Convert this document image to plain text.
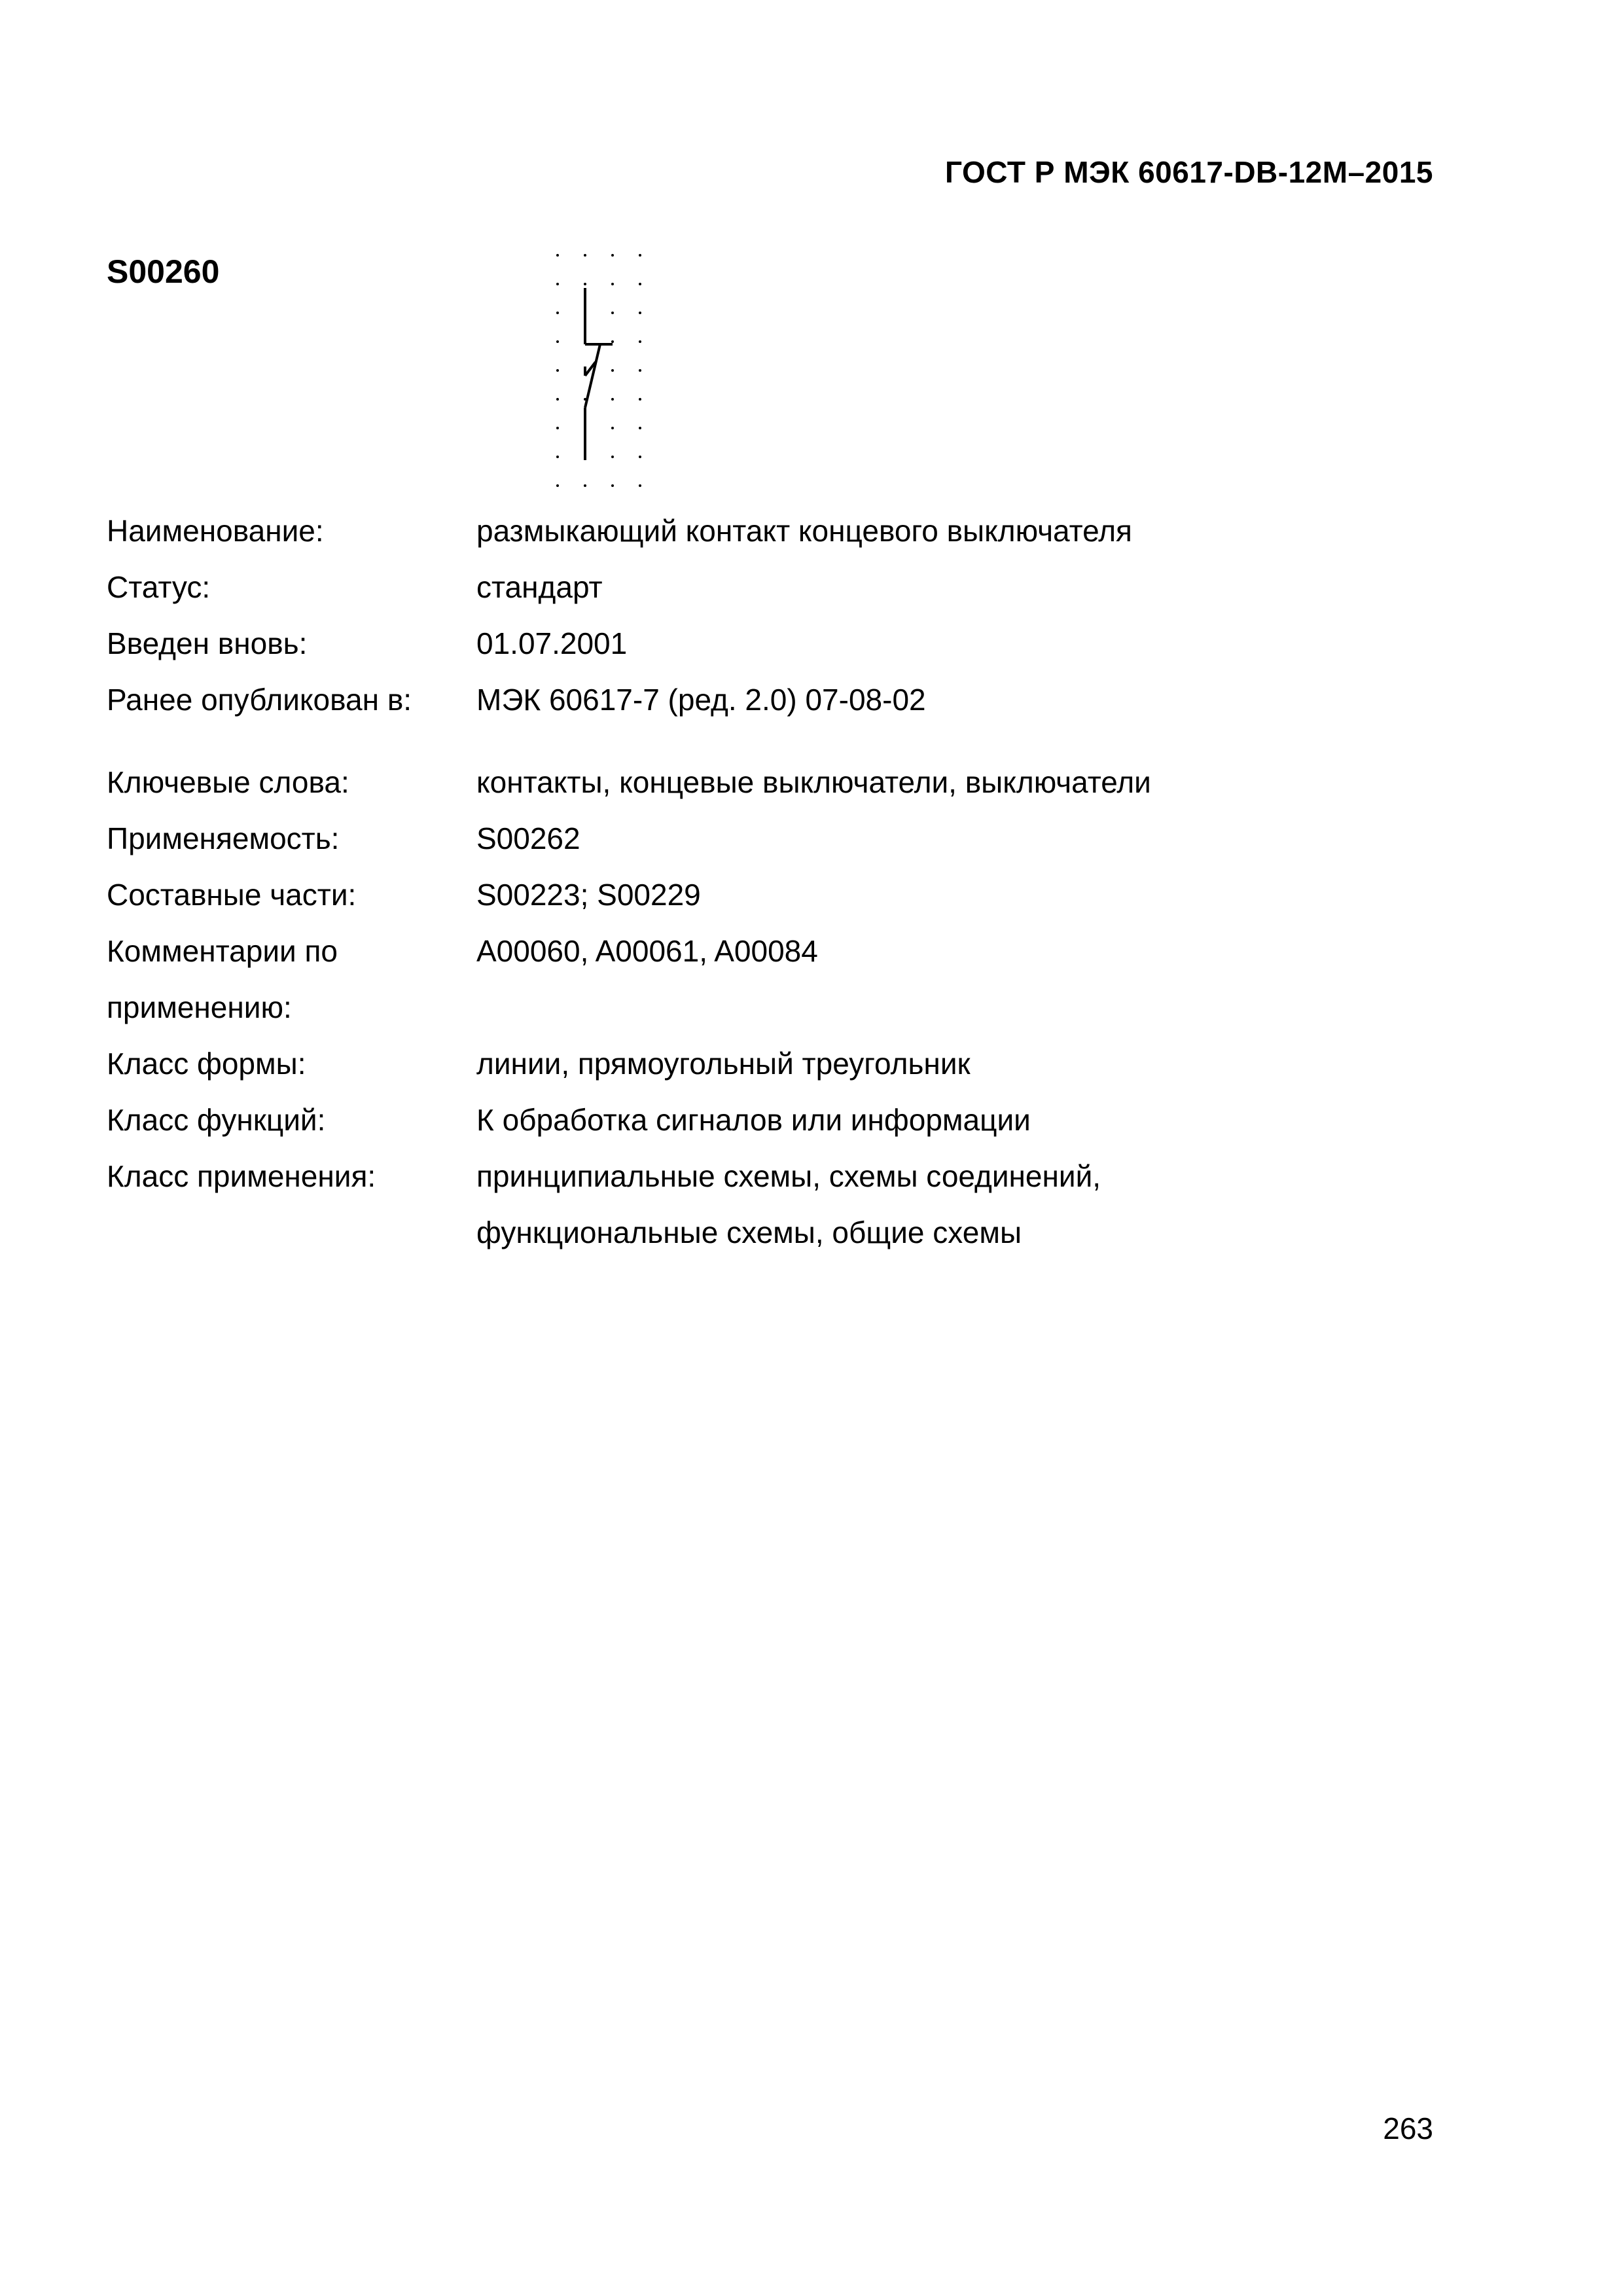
ГОСТ Р МЭК 60617-DB-12M–2015
S00260
Наименование:	размыкающий контакт концевого выключателя
Статус:	стандарт
Введен вновь:	01.07.2001
Ранее опубликован в:	МЭК 60617-7 (ред. 2.0) 07-08-02
Ключевые слова:	контакты, концевые выключатели, выключатели
Применяемость:	S00262
Составные части:	S00223; S00229
Комментарии по	A00060, A00061, A00084
применению:
Класс формы:	линии, прямоугольный треугольник
Класс функций:	К обработка сигналов или информации
Класс применения:	принципиальные схемы, схемы соединений,
функциональные схемы, общие схемы
263
